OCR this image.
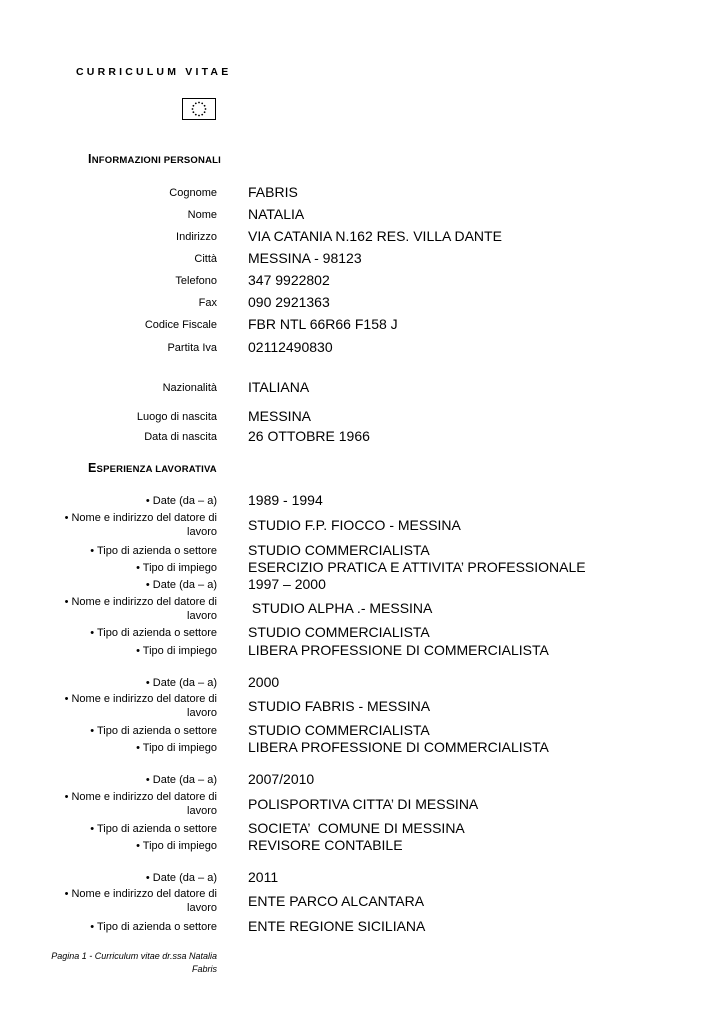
CURRICULUM VITAE
INFORMAZIONI PERSONALI
Cognome FABRIS
Nome NATALIA
Indirizzo VIA CATANIA N.162 RES. VILLA DANTE
Città MESSINA - 98123
Telefono 347 9922802
Fax 090 2921363
Codice Fiscale FBR NTL 66R66 F158 J
Partita Iva 02112490830
Nazionalità ITALIANA
Luogo di nascita MESSINA
Data di nascita 26 OTTOBRE 1966
ESPERIENZA LAVORATIVA
• Date (da – a) 1989 - 1994
• Nome e indirizzo del datore di
lavoro STUDIO F.P. FIOCCO - MESSINA
• Tipo di azienda o settore STUDIO COMMERCIALISTA
• Tipo di impiego ESERCIZIO PRATICA E ATTIVITA’ PROFESSIONALE
• Date (da – a) 1997 – 2000
• Nome e indirizzo del datore di
lavoro STUDIO ALPHA .- MESSINA
• Tipo di azienda o settore STUDIO COMMERCIALISTA
• Tipo di impiego LIBERA PROFESSIONE DI COMMERCIALISTA
• Date (da – a) 2000
• Nome e indirizzo del datore di
lavoro STUDIO FABRIS - MESSINA
• Tipo di azienda o settore STUDIO COMMERCIALISTA
• Tipo di impiego LIBERA PROFESSIONE DI COMMERCIALISTA
• Date (da – a) 2007/2010
• Nome e indirizzo del datore di
lavoro POLISPORTIVA CITTA’ DI MESSINA
• Tipo di azienda o settore SOCIETA’  COMUNE DI MESSINA
• Tipo di impiego REVISORE CONTABILE
• Date (da – a) 2011
• Nome e indirizzo del datore di
lavoro ENTE PARCO ALCANTARA
• Tipo di azienda o settore ENTE REGIONE SICILIANA
Pagina 1 - Curriculum vitae dr.ssa Natalia
Fabris
